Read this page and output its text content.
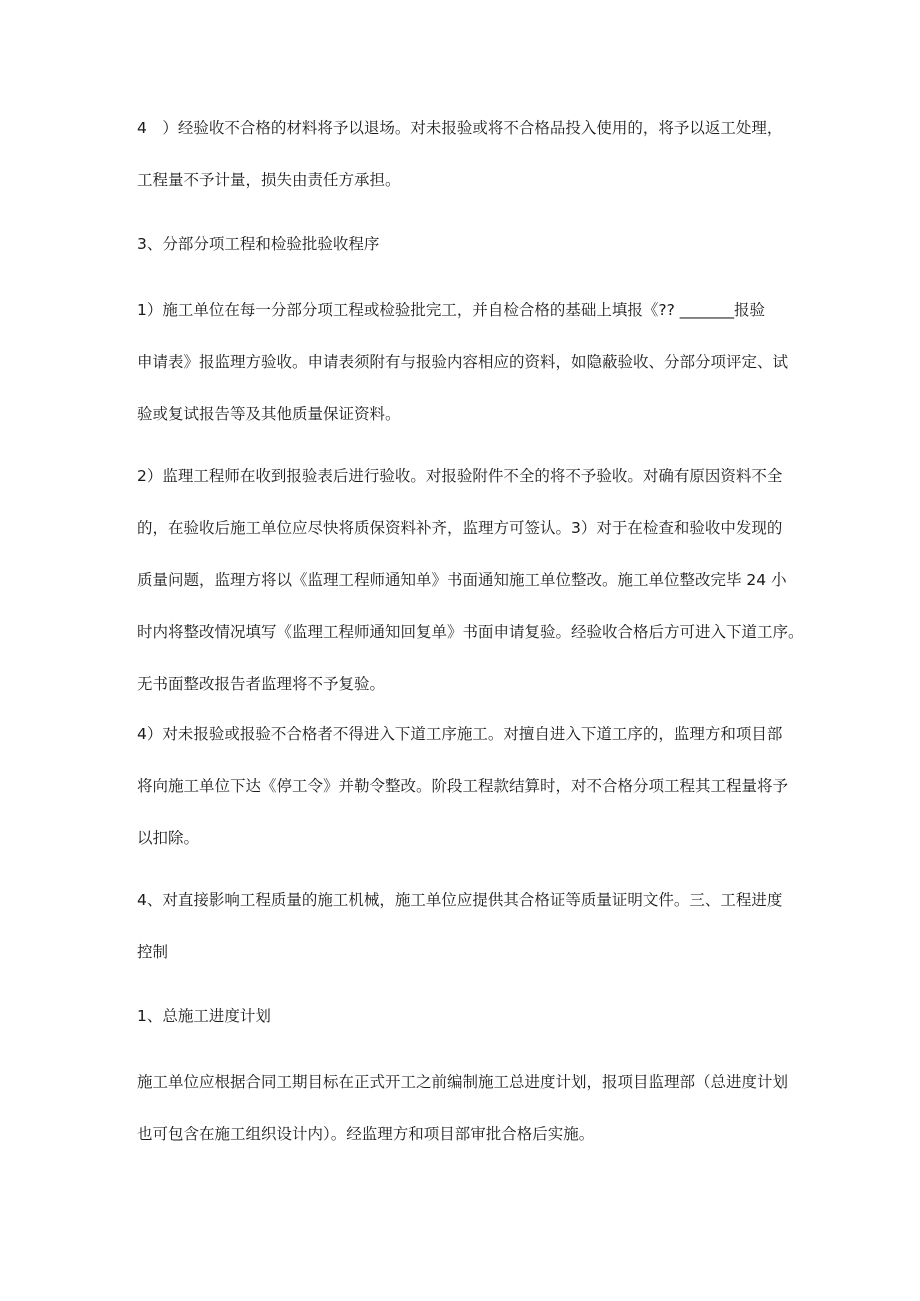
4　）经验收不合格的材料将予以退场。对未报验或将不合格品投入使用的，将予以返工处理，
工程量不予计量，损失由责任方承担。

3、分部分项工程和检验批验收程序

1）施工单位在每一分部分项工程或检验批完工，并自检合格的基础上填报《?? _______报验
申请表》报监理方验收。申请表须附有与报验内容相应的资料，如隐蔽验收、分部分项评定、试
验或复试报告等及其他质量保证资料。

2）监理工程师在收到报验表后进行验收。对报验附件不全的将不予验收。对确有原因资料不全
的，在验收后施工单位应尽快将质保资料补齐，监理方可签认。3）对于在检查和验收中发现的
质量问题，监理方将以《监理工程师通知单》书面通知施工单位整改。施工单位整改完毕 24 小
时内将整改情况填写《监理工程师通知回复单》书面申请复验。经验收合格后方可进入下道工序。
无书面整改报告者监理将不予复验。

4）对未报验或报验不合格者不得进入下道工序施工。对擅自进入下道工序的，监理方和项目部
将向施工单位下达《停工令》并勒令整改。阶段工程款结算时，对不合格分项工程其工程量将予
以扣除。

4、对直接影响工程质量的施工机械，施工单位应提供其合格证等质量证明文件。三、工程进度
控制

1、总施工进度计划

施工单位应根据合同工期目标在正式开工之前编制施工总进度计划，报项目监理部（总进度计划
也可包含在施工组织设计内）。经监理方和项目部审批合格后实施。
